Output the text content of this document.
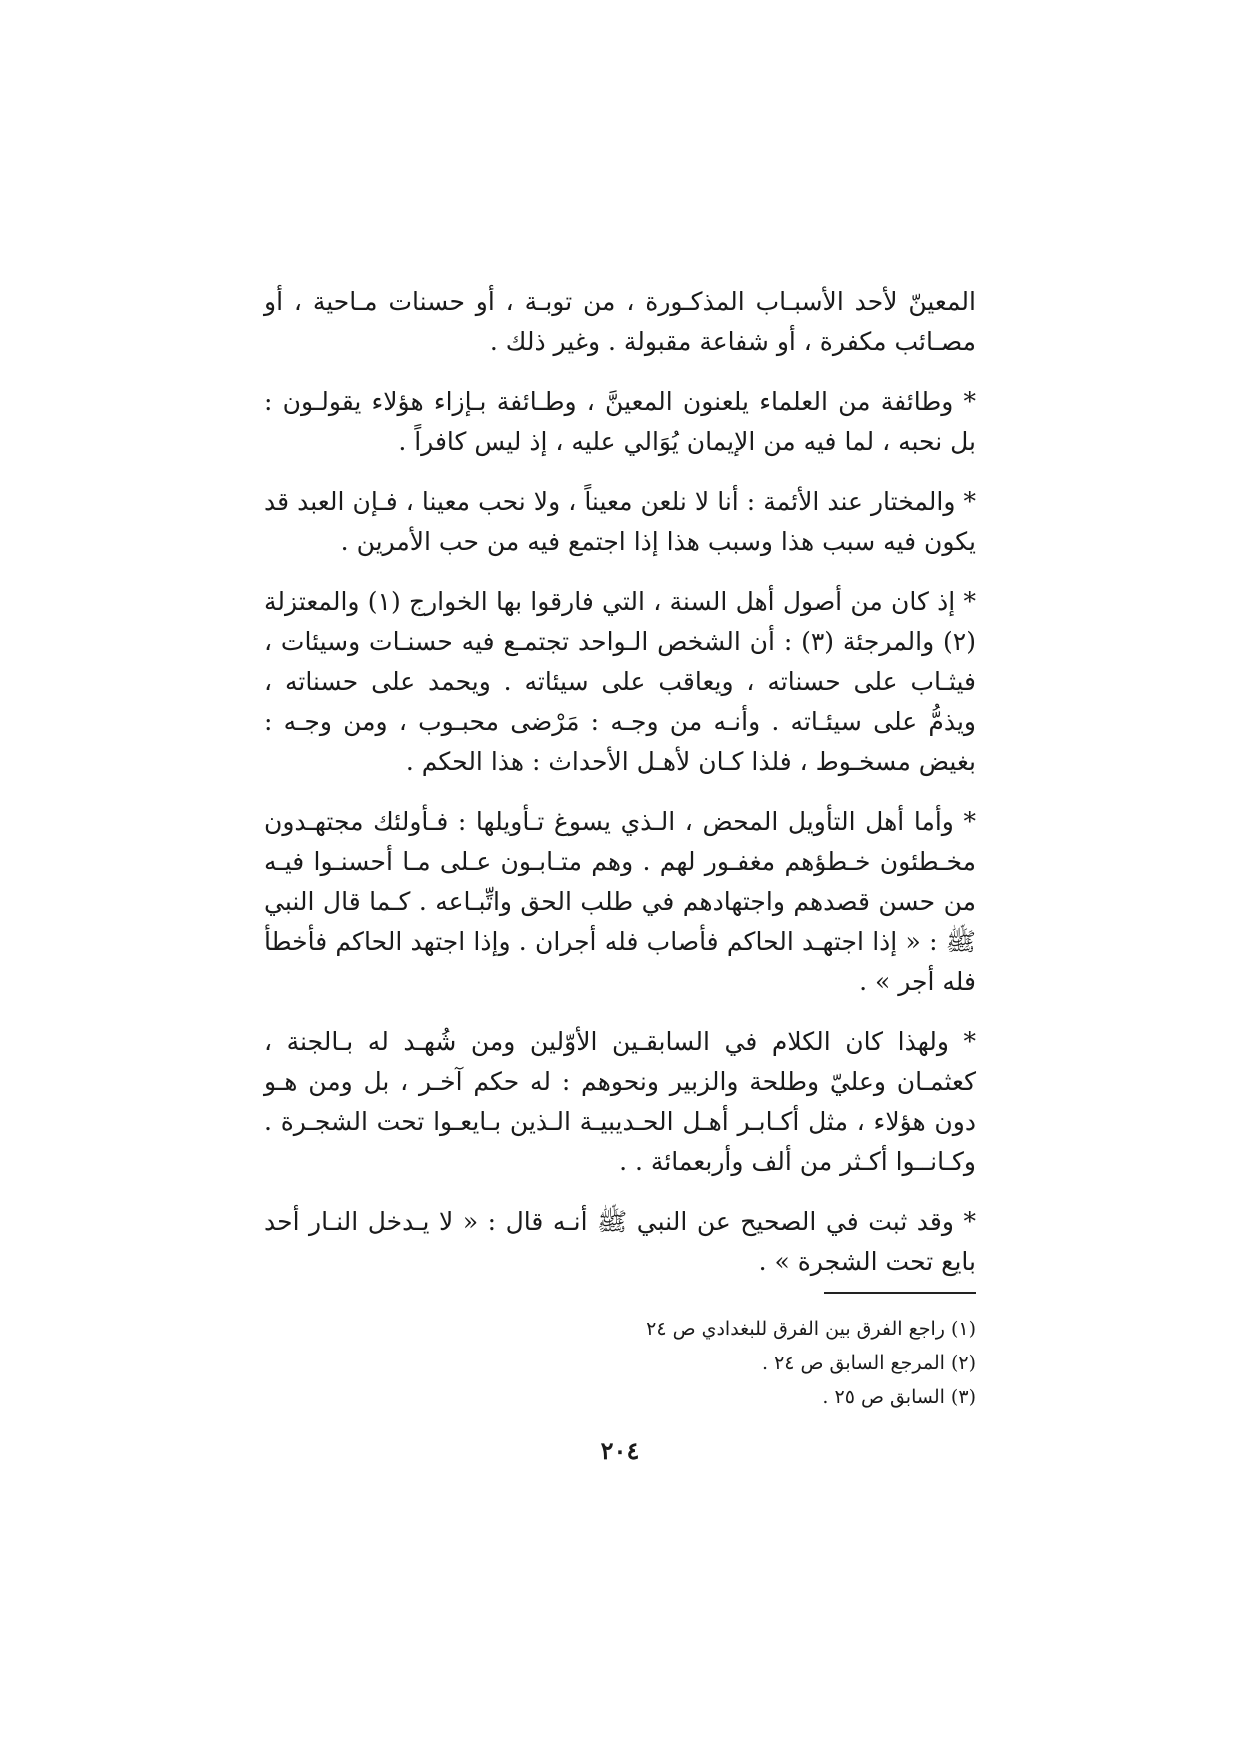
المعينّ لأحد الأسبـاب المذكـورة ، من توبـة ، أو حسنات مـاحية ، أو مصـائب مكفرة ، أو شفاعة مقبولة . وغير ذلك .

* وطائفة من العلماء يلعنون المعينَّ ، وطـائفة بـإزاء هؤلاء يقولـون : بل نحبه ، لما فيه من الإيمان يُوَالي عليه ، إذ ليس كافراً .

* والمختار عند الأئمة : أنا لا نلعن معيناً ، ولا نحب معينا ، فـإن العبد قد يكون فيه سبب هذا وسبب هذا إذا اجتمع فيه من حب الأمرين .

* إذ كان من أصول أهل السنة ، التي فارقوا بها الخوارج (١) والمعتزلة (٢) والمرجئة (٣) : أن الشخص الـواحد تجتمـع فيه حسنـات وسيئات ، فيثـاب على حسناته ، ويعاقب على سيئاته . ويحمد على حسناته ، ويذمُّ على سيئـاته . وأنـه من وجـه : مَرْضى محبـوب ، ومن وجـه : بغيض مسخـوط ، فلذا كـان لأهـل الأحداث : هذا الحكم .

* وأما أهل التأويل المحض ، الـذي يسوغ تـأويلها : فـأولئك مجتهـدون مخـطئون خـطؤهم مغفـور لهم . وهم متـابـون عـلى مـا أحسنـوا فيـه من حسن قصدهم واجتهادهم في طلب الحق واتِّبـاعه . كـما قال النبي ﷺ : « إذا اجتهـد الحاكم فأصاب فله أجران . وإذا اجتهد الحاكم فأخطأ فله أجر » .

* ولهذا كان الكلام في السابقـين الأوّلين ومن شُهـد له بـالجنة ، كعثمـان وعليّ وطلحة والزبير ونحوهم : له حكم آخـر ، بل ومن هـو دون هؤلاء ، مثل أكـابـر أهـل الحـديبيـة الـذين بـايعـوا تحت الشجـرة . وكـانــوا أكـثر من ألف وأربعمائة . .

* وقد ثبت في الصحيح عن النبي ﷺ أنـه قال : « لا يـدخل النـار أحد بايع تحت الشجرة » .

(١) راجع الفرق بين الفرق للبغدادي ص ٢٤

(٢) المرجع السابق ص ٢٤ .

(٣) السابق ص ٢٥ .

٢٠٤
